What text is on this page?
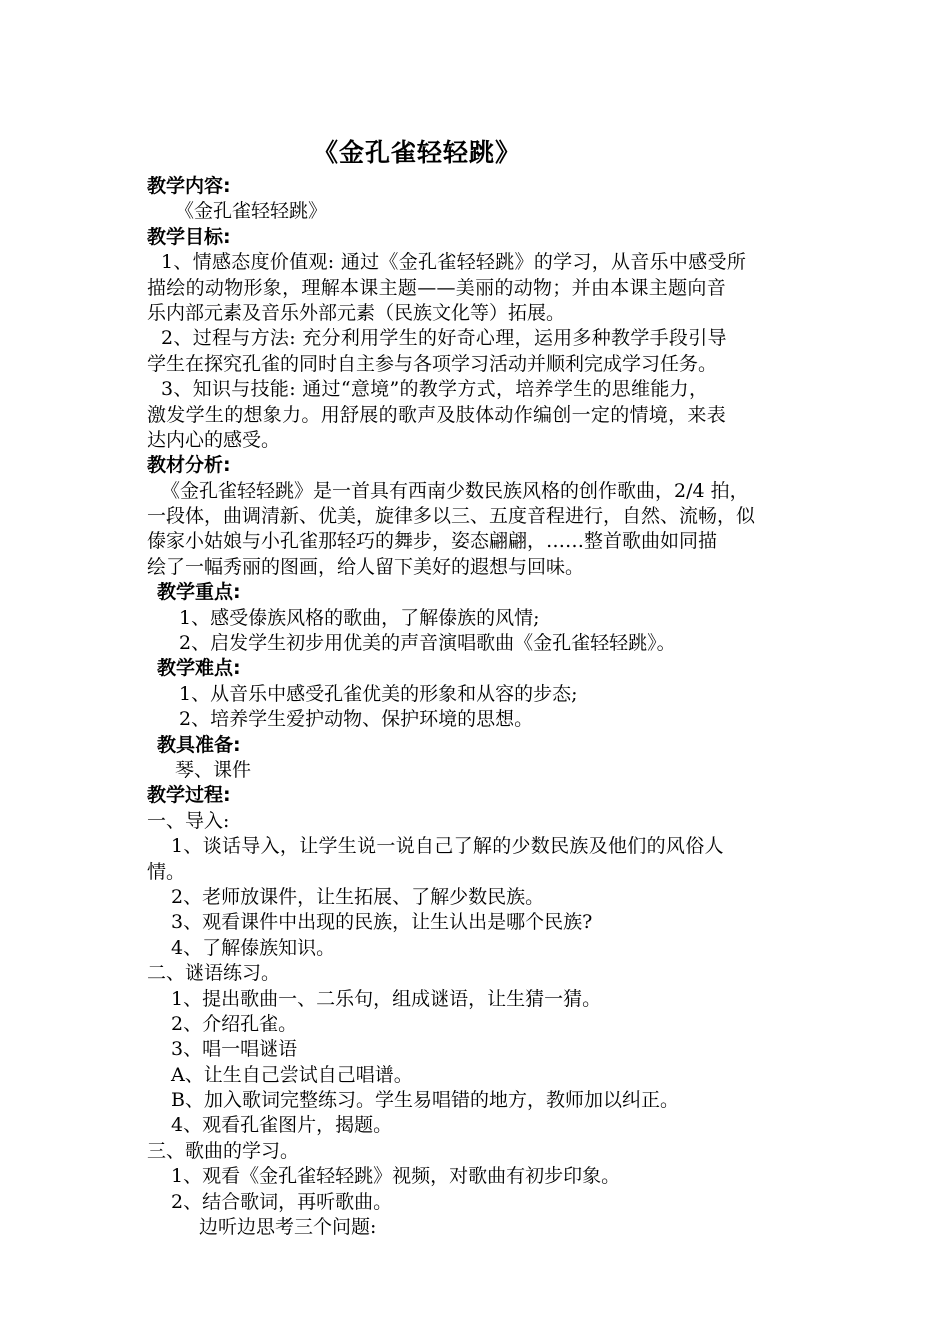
《金孔雀轻轻跳》
教学内容:
《金孔雀轻轻跳》
教学目标:
1、情感态度价值观: 通过《金孔雀轻轻跳》的学习，从音乐中感受所
描绘的动物形象，理解本课主题——美丽的动物；并由本课主题向音
乐内部元素及音乐外部元素（民族文化等）拓展。
2、过程与方法: 充分利用学生的好奇心理，运用多种教学手段引导
学生在探究孔雀的同时自主参与各项学习活动并顺利完成学习任务。
3、知识与技能: 通过“意境”的教学方式，培养学生的思维能力，
激发学生的想象力。用舒展的歌声及肢体动作编创一定的情境，来表
达内心的感受。
教材分析:
《金孔雀轻轻跳》是一首具有西南少数民族风格的创作歌曲，2/4 拍，
一段体，曲调清新、优美，旋律多以三、五度音程进行，自然、流畅，似
傣家小姑娘与小孔雀那轻巧的舞步，姿态翩翩，……整首歌曲如同描
绘了一幅秀丽的图画，给人留下美好的遐想与回味。
教学重点:
1、感受傣族风格的歌曲，了解傣族的风情;
2、启发学生初步用优美的声音演唱歌曲《金孔雀轻轻跳》。
教学难点:
1、从音乐中感受孔雀优美的形象和从容的步态;
2、培养学生爱护动物、保护环境的思想。
教具准备:
琴、课件
教学过程:
一、导入:
1、谈话导入，让学生说一说自己了解的少数民族及他们的风俗人
情。
2、老师放课件，让生拓展、了解少数民族。
3、观看课件中出现的民族，让生认出是哪个民族?
4、了解傣族知识。
二、谜语练习。
1、提出歌曲一、二乐句，组成谜语，让生猜一猜。
2、介绍孔雀。
3、唱一唱谜语
A、让生自己尝试自己唱谱。
B、加入歌词完整练习。学生易唱错的地方，教师加以纠正。
4、观看孔雀图片，揭题。
三、歌曲的学习。
1、观看《金孔雀轻轻跳》视频，对歌曲有初步印象。
2、结合歌词，再听歌曲。
边听边思考三个问题:
